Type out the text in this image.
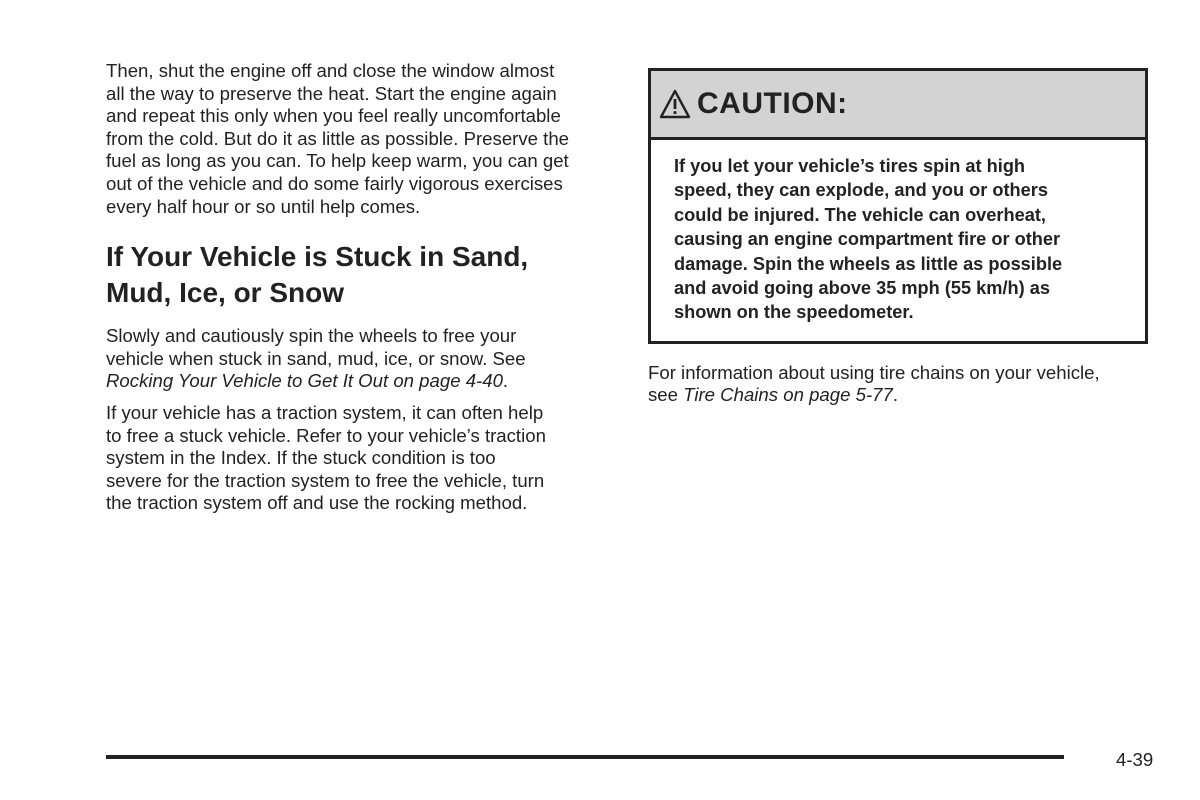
Then, shut the engine off and close the window almost
all the way to preserve the heat. Start the engine again
and repeat this only when you feel really uncomfortable
from the cold. But do it as little as possible. Preserve the
fuel as long as you can. To help keep warm, you can get
out of the vehicle and do some fairly vigorous exercises
every half hour or so until help comes.

If Your Vehicle is Stuck in Sand,
Mud, Ice, or Snow

Slowly and cautiously spin the wheels to free your
vehicle when stuck in sand, mud, ice, or snow. See
Rocking Your Vehicle to Get It Out on page 4-40.

If your vehicle has a traction system, it can often help
to free a stuck vehicle. Refer to your vehicle’s traction
system in the Index. If the stuck condition is too
severe for the traction system to free the vehicle, turn
the traction system off and use the rocking method.

CAUTION:
If you let your vehicle’s tires spin at high
speed, they can explode, and you or others
could be injured. The vehicle can overheat,
causing an engine compartment fire or other
damage. Spin the wheels as little as possible
and avoid going above 35 mph (55 km/h) as
shown on the speedometer.

For information about using tire chains on your vehicle,
see Tire Chains on page 5-77.

4-39
